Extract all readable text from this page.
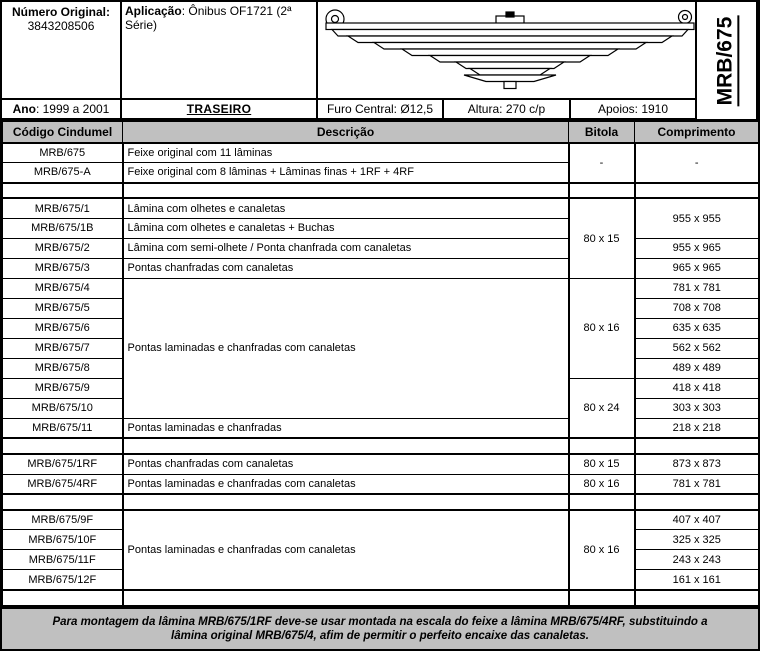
Número Original:
3843208506
Aplicação: Ônibus OF1721 (2ª Série)	MRB/675
Ano: 1999 a 2001	TRASEIRO	Furo Central: Ø12,5	Altura: 270 c/p	Apoios: 1910
Código Cindumel	Descrição	Bitola	Comprimento
MRB/675	Feixe original com 11 lâminas	-	-
MRB/675-A	Feixe original com 8 lâminas + Lâminas finas + 1RF + 4RF		

MRB/675/1	Lâmina com olhetes e canaletas	80 x 15	955 x 955
MRB/675/1B	Lâmina com olhetes e canaletas + Buchas		
MRB/675/2	Lâmina com semi-olhete / Ponta chanfrada com canaletas		955 x 965
MRB/675/3	Pontas chanfradas com canaletas		965 x 965
MRB/675/4	Pontas laminadas e chanfradas com canaletas	80 x 16	781 x 781
MRB/675/5			708 x 708
MRB/675/6			635 x 635
MRB/675/7			562 x 562
MRB/675/8			489 x 489
MRB/675/9		80 x 24	418 x 418
MRB/675/10			303 x 303
MRB/675/11	Pontas laminadas e chanfradas		218 x 218

MRB/675/1RF	Pontas chanfradas com canaletas	80 x 15	873 x 873
MRB/675/4RF	Pontas laminadas e chanfradas com canaletas	80 x 16	781 x 781

MRB/675/9F	Pontas laminadas e chanfradas com canaletas	80 x 16	407 x 407
MRB/675/10F			325 x 325
MRB/675/11F			243 x 243
MRB/675/12F			161 x 161

Para montagem da lâmina MRB/675/1RF deve-se usar montada na escala do feixe a lâmina MRB/675/4RF, substituindo a lâmina original MRB/675/4, afim de permitir o perfeito encaixe das canaletas.
